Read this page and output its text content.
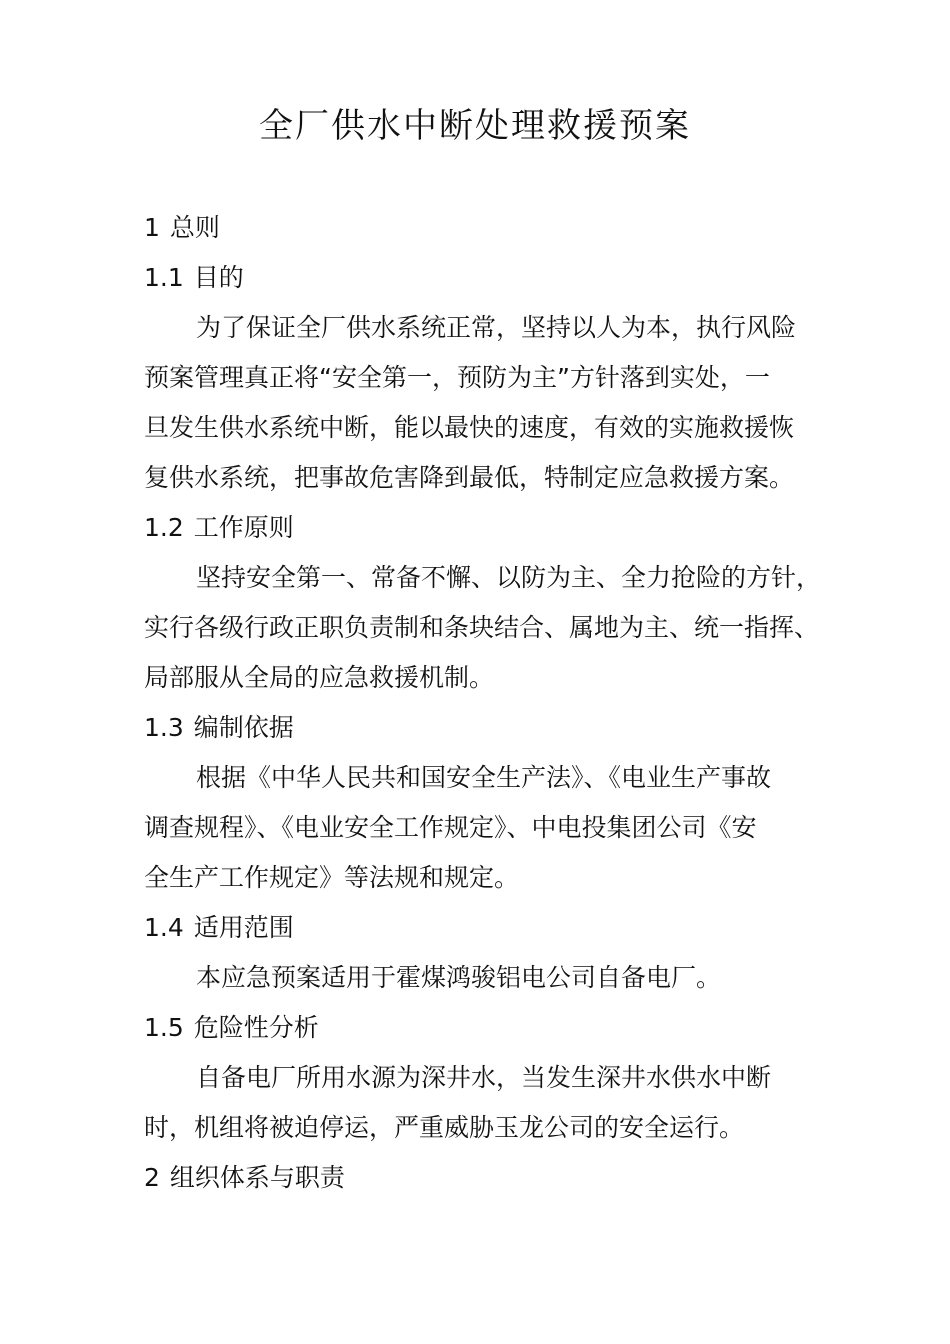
全厂供水中断处理救援预案

1 总则

1.1 目的

为了保证全厂供水系统正常，坚持以人为本，执行风险

预案管理真正将“安全第一，预防为主”方针落到实处，一

旦发生供水系统中断，能以最快的速度，有效的实施救援恢

复供水系统，把事故危害降到最低，特制定应急救援方案。

1.2 工作原则

坚持安全第一、常备不懈、以防为主、全力抢险的方针，

实行各级行政正职负责制和条块结合、属地为主、统一指挥、

局部服从全局的应急救援机制。

1.3 编制依据

根据《中华人民共和国安全生产法》、《电业生产事故

调查规程》、《电业安全工作规定》、中电投集团公司《安

全生产工作规定》等法规和规定。

1.4 适用范围

本应急预案适用于霍煤鸿骏铝电公司自备电厂。

1.5 危险性分析

自备电厂所用水源为深井水，当发生深井水供水中断

时，机组将被迫停运，严重威胁玉龙公司的安全运行。

2 组织体系与职责
